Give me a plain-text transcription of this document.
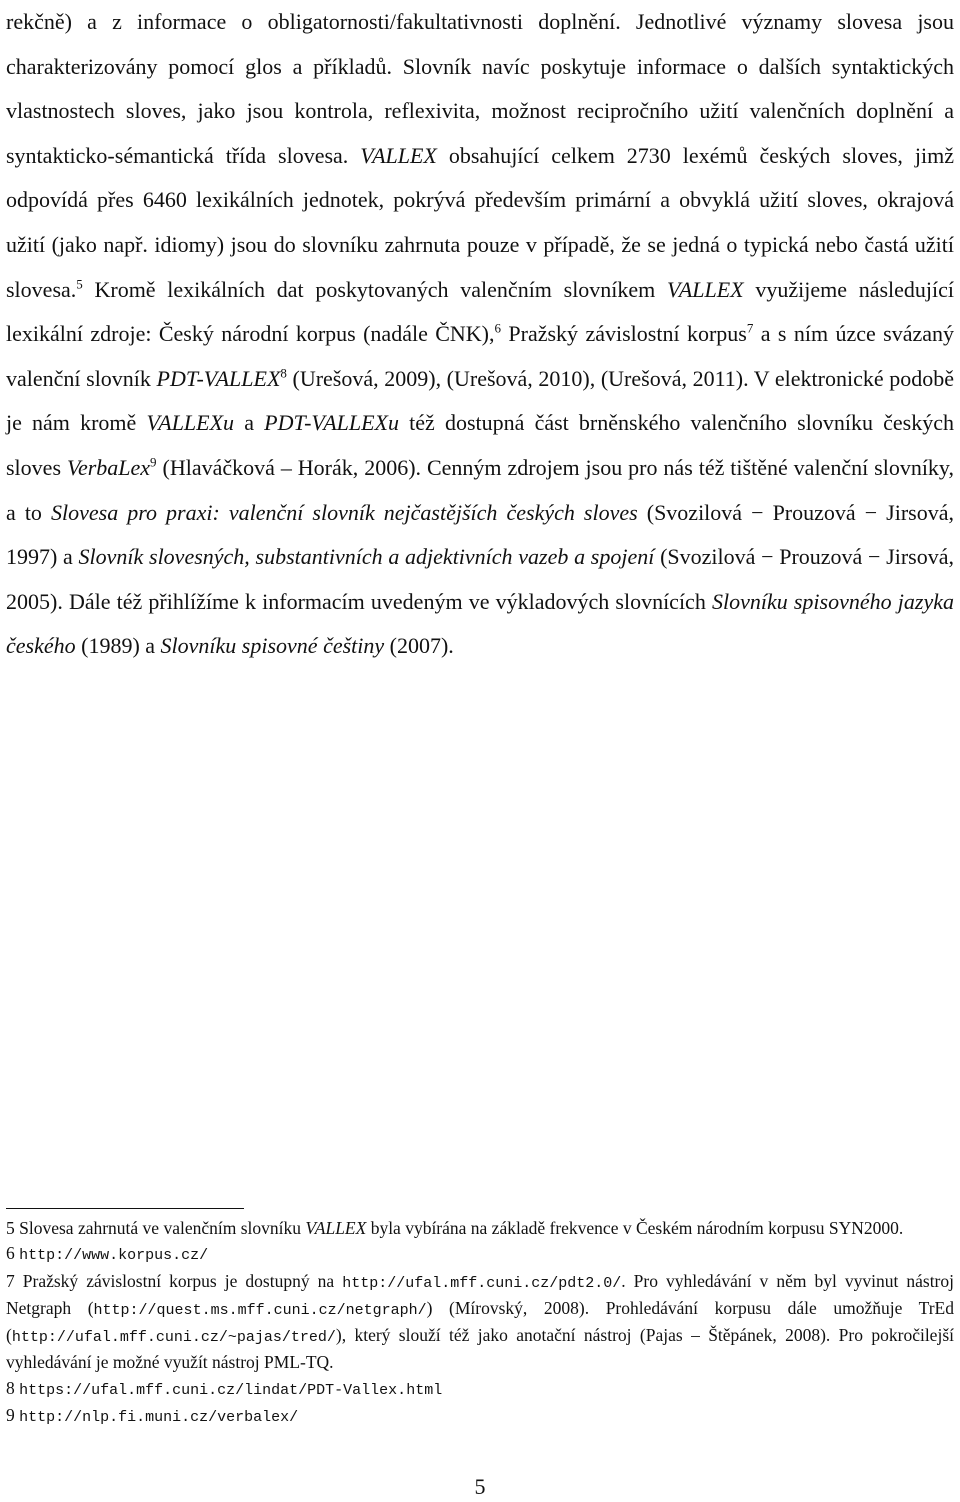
rekčně) a z informace o obligatornosti/fakultativnosti doplnění. Jednotlivé významy slovesa jsou charakterizovány pomocí glos a příkladů. Slovník navíc poskytuje informace o dalších syntaktických vlastnostech sloves, jako jsou kontrola, reflexivita, možnost recipročního užití valenčních doplnění a syntakticko-sémantická třída slovesa. VALLEX obsahující celkem 2730 lexémů českých sloves, jimž odpovídá přes 6460 lexikálních jednotek, pokrývá především primární a obvyklá užití sloves, okrajová užití (jako např. idiomy) jsou do slovníku zahrnuta pouze v případě, že se jedná o typická nebo častá užití slovesa.$^5$ Kromě lexikálních dat poskytovaných valenčním slovníkem VALLEX využijeme následující lexikální zdroje: Český národní korpus (nadále ČNK),$^6$ Pražský závislostní korpus$^7$ a s ním úzce svázaný valenční slovník PDT-VALLEX$^8$ (Urešová, 2009), (Urešová, 2010), (Urešová, 2011). V elektronické podobě je nám kromě VALLEXu a PDT-VALLEXu též dostupná část brněnského valenčního slovníku českých sloves VerbaLex$^9$ (Hlaváčková – Horák, 2006). Cenným zdrojem jsou pro nás též tištěné valenční slovníky, a to Slovesa pro praxi: valenční slovník nejčastějších českých sloves (Svozilová − Prouzová − Jirsová, 1997) a Slovník slovesných, substantivních a adjektivních vazeb a spojení (Svozilová − Prouzová − Jirsová, 2005). Dále též přihlížíme k informacím uvedeným ve výkladových slovnících Slovníku spisovného jazyka českého (1989) a Slovníku spisovné češtiny (2007).

5 Slovesa zahrnutá ve valenčním slovníku VALLEX byla vybírána na základě frekvence v Českém národním korpusu SYN2000.

6 http://www.korpus.cz/

7 Pražský závislostní korpus je dostupný na http://ufal.mff.cuni.cz/pdt2.0/. Pro vyhledávání v něm byl vyvinut nástroj Netgraph (http://quest.ms.mff.cuni.cz/netgraph/) (Mírovský, 2008). Prohledávání korpusu dále umožňuje TrEd (http://ufal.mff.cuni.cz/~pajas/tred/), který slouží též jako anotační nástroj (Pajas – Štěpánek, 2008). Pro pokročilejší vyhledávání je možné využít nástroj PML-TQ.

8 https://ufal.mff.cuni.cz/lindat/PDT-Vallex.html

9 http://nlp.fi.muni.cz/verbalex/

5
